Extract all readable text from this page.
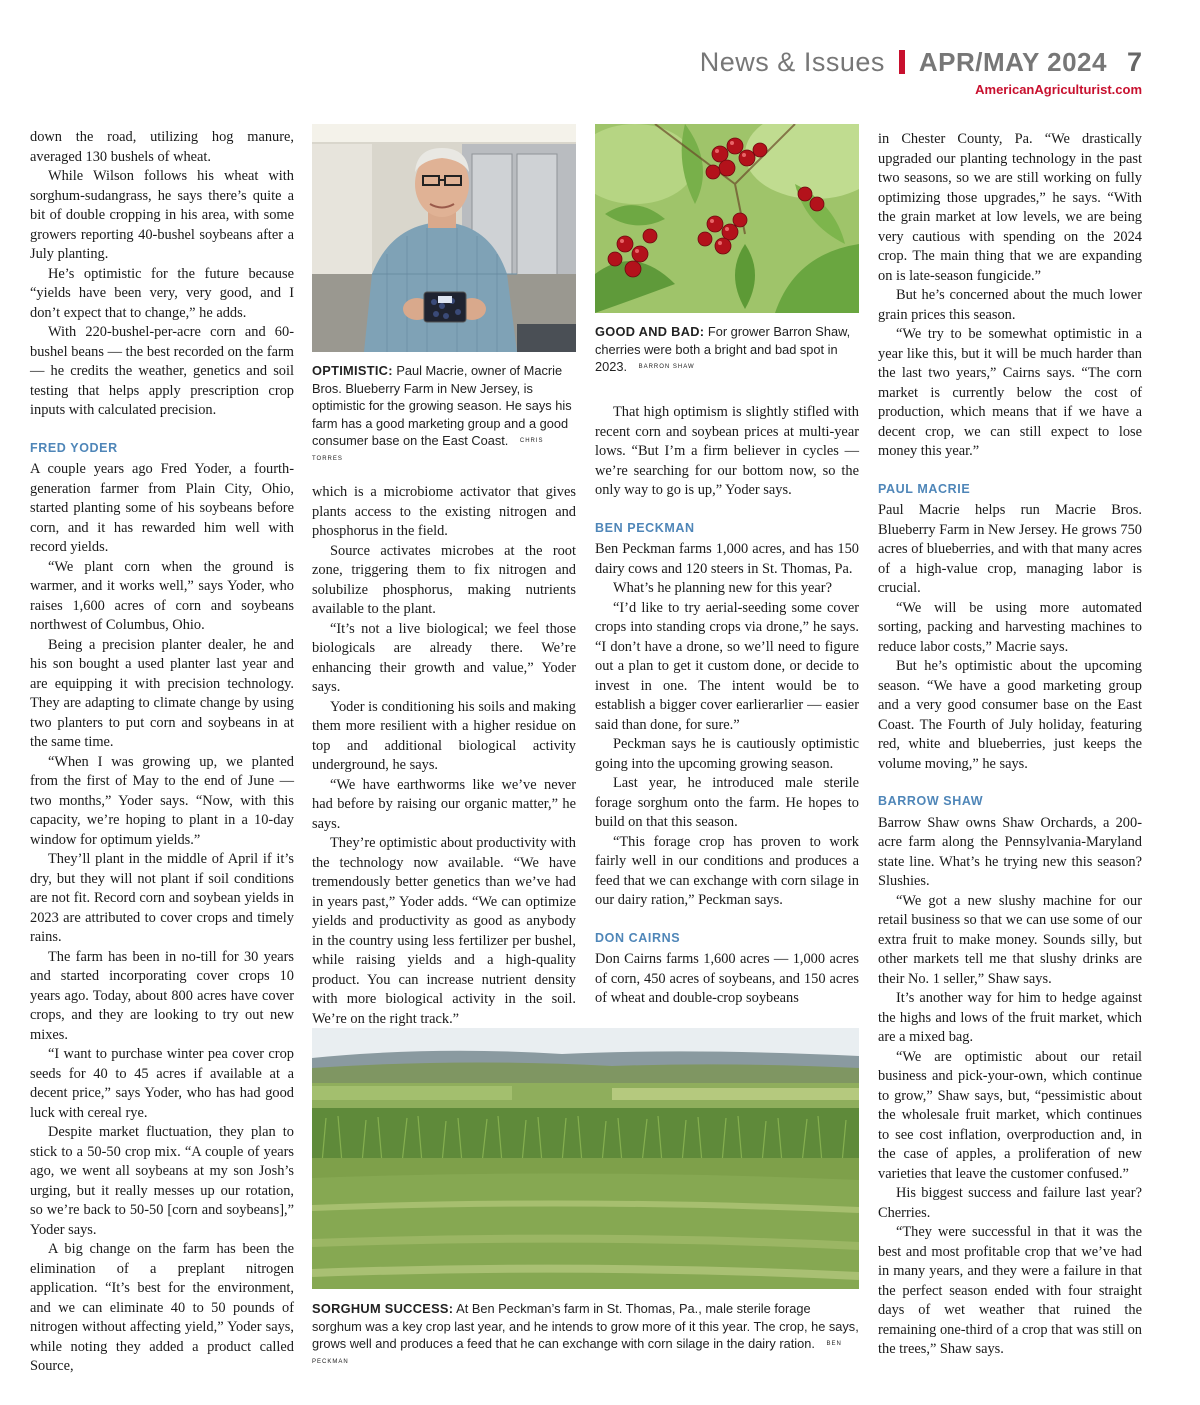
News & Issues APR/MAY 2024 7
AmericanAgriculturist.com

down the road, utilizing hog manure, averaged 130 bushels of wheat.

While Wilson follows his wheat with sorghum-sudangrass, he says there’s quite a bit of double cropping in his area, with some growers reporting 40-bushel soybeans after a July planting.

He’s optimistic for the future because “yields have been very, very good, and I don’t expect that to change,” he adds.

With 220-bushel-per-acre corn and 60-bushel beans — the best recorded on the farm — he credits the weather, genetics and soil testing that helps apply prescription crop inputs with calculated precision.

FRED YODER

A couple years ago Fred Yoder, a fourth-generation farmer from Plain City, Ohio, started planting some of his soybeans before corn, and it has rewarded him well with record yields.

“We plant corn when the ground is warmer, and it works well,” says Yoder, who raises 1,600 acres of corn and soybeans northwest of Columbus, Ohio.

Being a precision planter dealer, he and his son bought a used planter last year and are equipping it with precision technology. They are adapting to climate change by using two planters to put corn and soybeans in at the same time.

“When I was growing up, we planted from the first of May to the end of June — two months,” Yoder says. “Now, with this capacity, we’re hoping to plant in a 10-day window for optimum yields.”

They’ll plant in the middle of April if it’s dry, but they will not plant if soil conditions are not fit. Record corn and soybean yields in 2023 are attributed to cover crops and timely rains.

The farm has been in no-till for 30 years and started incorporating cover crops 10 years ago. Today, about 800 acres have cover crops, and they are looking to try out new mixes.

“I want to purchase winter pea cover crop seeds for 40 to 45 acres if available at a decent price,” says Yoder, who has had good luck with cereal rye.

Despite market fluctuation, they plan to stick to a 50-50 crop mix. “A couple of years ago, we went all soybeans at my son Josh’s urging, but it really messes up our rotation, so we’re back to 50-50 [corn and soybeans],” Yoder says.

A big change on the farm has been the elimination of a preplant nitrogen application. “It’s best for the environment, and we can eliminate 40 to 50 pounds of nitrogen without affecting yield,” Yoder says, while noting they added a product called Source,

OPTIMISTIC: Paul Macrie, owner of Macrie Bros. Blueberry Farm in New Jersey, is optimistic for the growing season. He says his farm has a good marketing group and a good consumer base on the East Coast. CHRIS TORRES

which is a microbiome activator that gives plants access to the existing nitrogen and phosphorus in the field.

Source activates microbes at the root zone, triggering them to fix nitrogen and solubilize phosphorus, making nutrients available to the plant.

“It’s not a live biological; we feel those biologicals are already there. We’re enhancing their growth and value,” Yoder says.

Yoder is conditioning his soils and making them more resilient with a higher residue on top and additional biological activity underground, he says.

“We have earthworms like we’ve never had before by raising our organic matter,” he says.

They’re optimistic about productivity with the technology now available. “We have tremendously better genetics than we’ve had in years past,” Yoder adds. “We can optimize yields and productivity as good as anybody in the country using less fertilizer per bushel, while raising yields and a high-quality product. You can increase nutrient density with more biological activity in the soil. We’re on the right track.”

GOOD AND BAD: For grower Barron Shaw, cherries were both a bright and bad spot in 2023. BARRON SHAW

That high optimism is slightly stifled with recent corn and soybean prices at multi-year lows. “But I’m a firm believer in cycles — we’re searching for our bottom now, so the only way to go is up,” Yoder says.

BEN PECKMAN

Ben Peckman farms 1,000 acres, and has 150 dairy cows and 120 steers in St. Thomas, Pa.

What’s he planning new for this year?

“I’d like to try aerial-seeding some cover crops into standing crops via drone,” he says. “I don’t have a drone, so we’ll need to figure out a plan to get it custom done, or decide to invest in one. The intent would be to establish a bigger cover earlierarlier — easier said than done, for sure.”

Peckman says he is cautiously optimistic going into the upcoming growing season.

Last year, he introduced male sterile forage sorghum onto the farm. He hopes to build on that this season.

“This forage crop has proven to work fairly well in our conditions and produces a feed that we can exchange with corn silage in our dairy ration,” Peckman says.

DON CAIRNS

Don Cairns farms 1,600 acres — 1,000 acres of corn, 450 acres of soybeans, and 150 acres of wheat and double-crop soybeans

SORGHUM SUCCESS: At Ben Peckman’s farm in St. Thomas, Pa., male sterile forage sorghum was a key crop last year, and he intends to grow more of it this year. The crop, he says, grows well and produces a feed that he can exchange with corn silage in the dairy ration. BEN PECKMAN

in Chester County, Pa. “We drastically upgraded our planting technology in the past two seasons, so we are still working on fully optimizing those upgrades,” he says. “With the grain market at low levels, we are being very cautious with spending on the 2024 crop. The main thing that we are expanding on is late-season fungicide.”

But he’s concerned about the much lower grain prices this season.

“We try to be somewhat optimistic in a year like this, but it will be much harder than the last two years,” Cairns says. “The corn market is currently below the cost of production, which means that if we have a decent crop, we can still expect to lose money this year.”

PAUL MACRIE

Paul Macrie helps run Macrie Bros. Blueberry Farm in New Jersey. He grows 750 acres of blueberries, and with that many acres of a high-value crop, managing labor is crucial.

“We will be using more automated sorting, packing and harvesting machines to reduce labor costs,” Macrie says.

But he’s optimistic about the upcoming season. “We have a good marketing group and a very good consumer base on the East Coast. The Fourth of July holiday, featuring red, white and blueberries, just keeps the volume moving,” he says.

BARROW SHAW

Barrow Shaw owns Shaw Orchards, a 200-acre farm along the Pennsylvania-Maryland state line. What’s he trying new this season? Slushies.

“We got a new slushy machine for our retail business so that we can use some of our extra fruit to make money. Sounds silly, but other markets tell me that slushy drinks are their No. 1 seller,” Shaw says.

It’s another way for him to hedge against the highs and lows of the fruit market, which are a mixed bag.

“We are optimistic about our retail business and pick-your-own, which continue to grow,” Shaw says, but, “pessimistic about the wholesale fruit market, which continues to see cost inflation, overproduction and, in the case of apples, a proliferation of new varieties that leave the customer confused.”

His biggest success and failure last year? Cherries.

“They were successful in that it was the best and most profitable crop that we’ve had in many years, and they were a failure in that the perfect season ended with four straight days of wet weather that ruined the remaining one-third of a crop that was still on the trees,” Shaw says.
